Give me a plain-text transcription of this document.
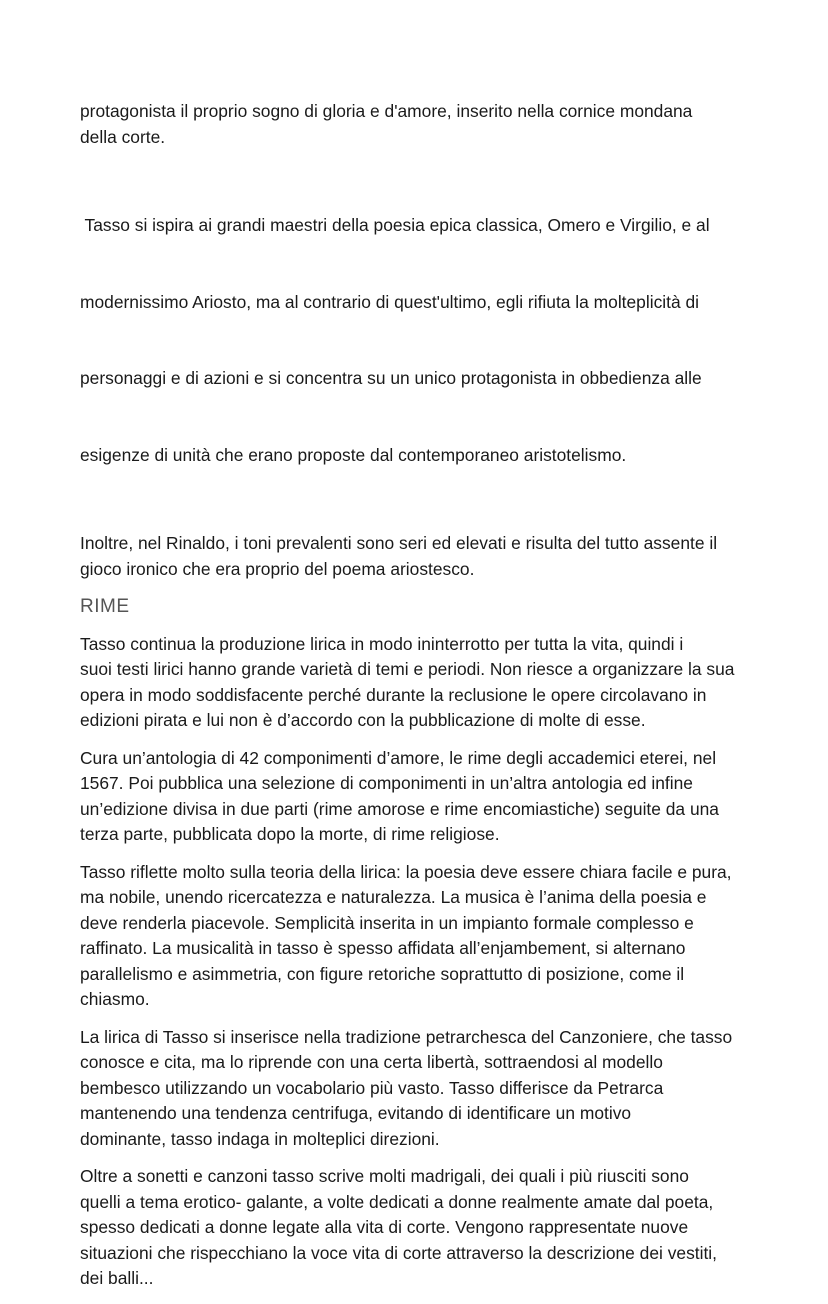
protagonista il proprio sogno di gloria e d'amore, inserito nella cornice mondana
della corte.

Tasso si ispira ai grandi maestri della poesia epica classica, Omero e Virgilio, e al

modernissimo Ariosto, ma al contrario di quest'ultimo, egli rifiuta la molteplicità di

personaggi e di azioni e si concentra su un unico protagonista in obbedienza alle

esigenze di unità che erano proposte dal contemporaneo aristotelismo.

Inoltre, nel Rinaldo, i toni prevalenti sono seri ed elevati e risulta del tutto assente il
gioco ironico che era proprio del poema ariostesco.

RIME

Tasso continua la produzione lirica in modo ininterrotto per tutta la vita, quindi i
suoi testi lirici hanno grande varietà di temi e periodi. Non riesce a organizzare la sua
opera in modo soddisfacente perché durante la reclusione le opere circolavano in
edizioni pirata e lui non è d’accordo con la pubblicazione di molte di esse.

Cura un’antologia di 42 componimenti d’amore, le rime degli accademici eterei, nel
1567. Poi pubblica una selezione di componimenti in un’altra antologia ed infine
un’edizione divisa in due parti (rime amorose e rime encomiastiche) seguite da una
terza parte, pubblicata dopo la morte, di rime religiose.

Tasso riflette molto sulla teoria della lirica: la poesia deve essere chiara facile e pura,
ma nobile, unendo ricercatezza e naturalezza. La musica è l’anima della poesia e
deve renderla piacevole. Semplicità inserita in un impianto formale complesso e
raffinato. La musicalità in tasso è spesso affidata all’enjambement, si alternano
parallelismo e asimmetria, con figure retoriche soprattutto di posizione, come il
chiasmo.

La lirica di Tasso si inserisce nella tradizione petrarchesca del Canzoniere, che tasso
conosce e cita, ma lo riprende con una certa libertà, sottraendosi al modello
bembesco utilizzando un vocabolario più vasto. Tasso differisce da Petrarca
mantenendo una tendenza centrifuga, evitando di identificare un motivo
dominante, tasso indaga in molteplici direzioni.

Oltre a sonetti e canzoni tasso scrive molti madrigali, dei quali i più riusciti sono
quelli a tema erotico- galante, a volte dedicati a donne realmente amate dal poeta,
spesso dedicati a donne legate alla vita di corte. Vengono rappresentate nuove
situazioni che rispecchiano la voce vita di corte attraverso la descrizione dei vestiti,
dei balli...
